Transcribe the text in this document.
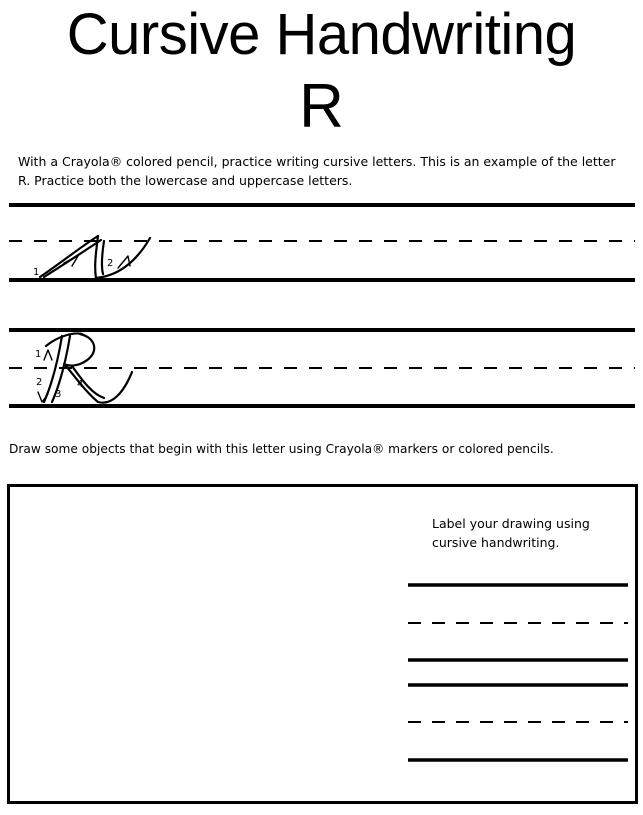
Cursive Handwriting
R
With a Crayola® colored pencil, practice writing cursive letters. This is an example of the letter R. Practice both the lowercase and uppercase letters.
1
2
1
2
3
4
Draw some objects that begin with this letter using Crayola® markers or colored pencils.
Label your drawing using cursive handwriting.
